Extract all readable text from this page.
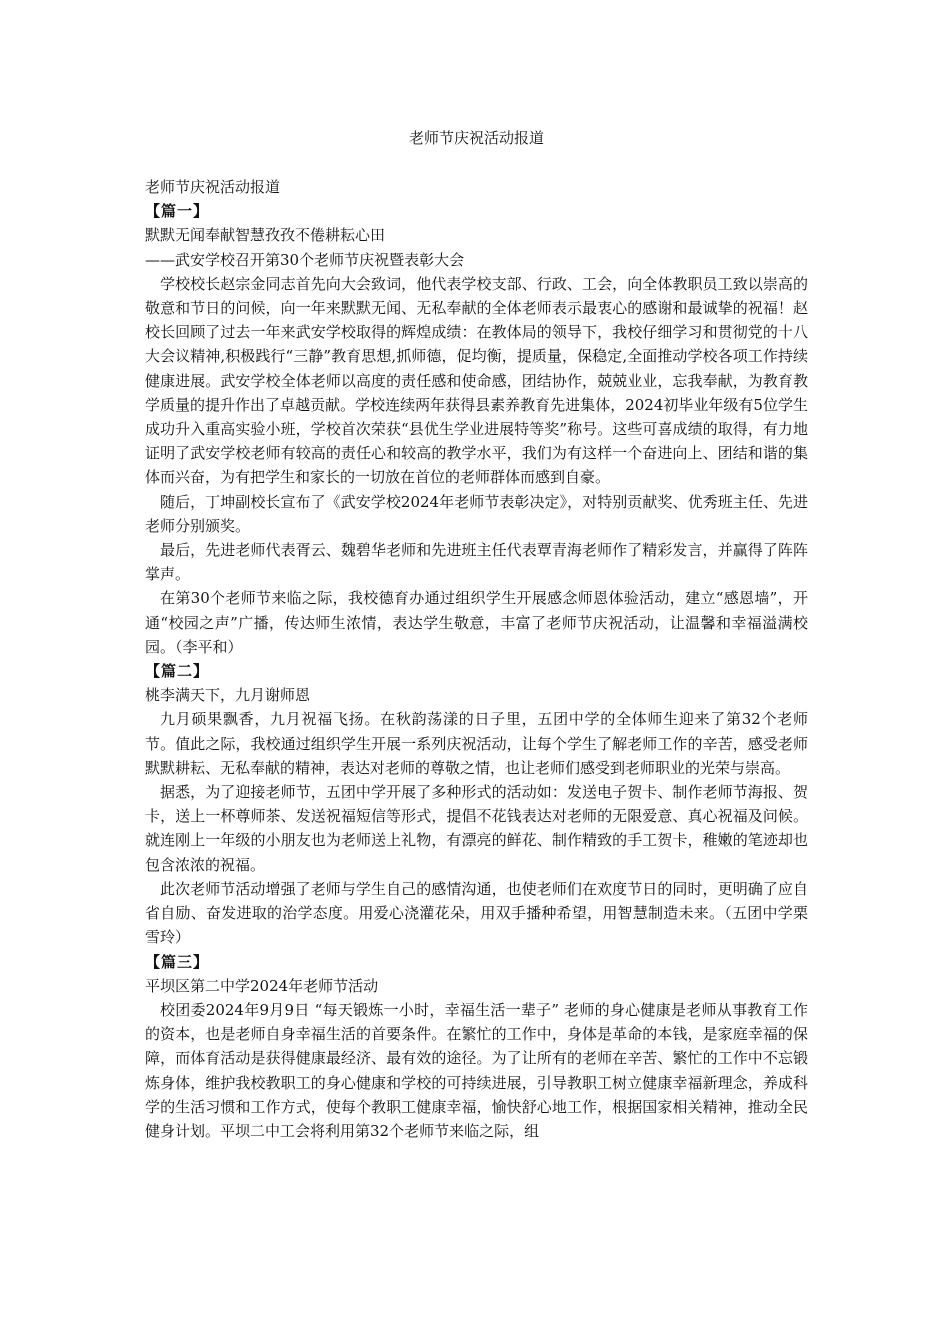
老师节庆祝活动报道

老师节庆祝活动报道

【篇一】

默默无闻奉献智慧孜孜不倦耕耘心田

——武安学校召开第30个老师节庆祝暨表彰大会

学校校长赵宗金同志首先向大会致词，他代表学校支部、行政、工会，向全体教职员工致以崇高的敬意和节日的问候，向一年来默默无闻、无私奉献的全体老师表示最衷心的感谢和最诚挚的祝福！赵校长回顾了过去一年来武安学校取得的辉煌成绩：在教体局的领导下，我校仔细学习和贯彻党的十八大会议精神,积极践行“三静”教育思想,抓师德，促均衡，提质量，保稳定,全面推动学校各项工作持续健康进展。武安学校全体老师以高度的责任感和使命感，团结协作，兢兢业业，忘我奉献，为教育教学质量的提升作出了卓越贡献。学校连续两年获得县素养教育先进集体，2024初毕业年级有5位学生成功升入重高实验小班，学校首次荣获“县优生学业进展特等奖”称号。这些可喜成绩的取得，有力地证明了武安学校老师有较高的责任心和较高的教学水平，我们为有这样一个奋进向上、团结和谐的集体而兴奋，为有把学生和家长的一切放在首位的老师群体而感到自豪。

随后，丁坤副校长宣布了《武安学校2024年老师节表彰决定》，对特别贡献奖、优秀班主任、先进老师分别颁奖。

最后，先进老师代表胥云、魏碧华老师和先进班主任代表覃青海老师作了精彩发言，并赢得了阵阵掌声。

在第30个老师节来临之际，我校德育办通过组织学生开展感念师恩体验活动，建立“感恩墙”，开通“校园之声”广播，传达师生浓情，表达学生敬意，丰富了老师节庆祝活动，让温馨和幸福溢满校园。（李平和）

【篇二】

桃李满天下，九月谢师恩

九月硕果飘香，九月祝福飞扬。在秋韵荡漾的日子里，五团中学的全体师生迎来了第32个老师节。值此之际，我校通过组织学生开展一系列庆祝活动，让每个学生了解老师工作的辛苦，感受老师默默耕耘、无私奉献的精神，表达对老师的尊敬之情，也让老师们感受到老师职业的光荣与崇高。

据悉，为了迎接老师节，五团中学开展了多种形式的活动如：发送电子贺卡、制作老师节海报、贺卡，送上一杯尊师茶、发送祝福短信等形式，提倡不花钱表达对老师的无限爱意、真心祝福及问候。就连刚上一年级的小朋友也为老师送上礼物，有漂亮的鲜花、制作精致的手工贺卡，稚嫩的笔迹却也包含浓浓的祝福。

此次老师节活动增强了老师与学生自己的感情沟通，也使老师们在欢度节日的同时，更明确了应自省自励、奋发进取的治学态度。用爱心浇灌花朵，用双手播种希望，用智慧制造未来。（五团中学栗雪玲）

【篇三】

平坝区第二中学2024年老师节活动

校团委2024年9月9日 “每天锻炼一小时，幸福生活一辈子” 老师的身心健康是老师从事教育工作的资本，也是老师自身幸福生活的首要条件。在繁忙的工作中，身体是革命的本钱，是家庭幸福的保障，而体育活动是获得健康最经济、最有效的途径。为了让所有的老师在辛苦、繁忙的工作中不忘锻炼身体，维护我校教职工的身心健康和学校的可持续进展，引导教职工树立健康幸福新理念，养成科学的生活习惯和工作方式，使每个教职工健康幸福，愉快舒心地工作，根据国家相关精神，推动全民健身计划。平坝二中工会将利用第32个老师节来临之际，组
